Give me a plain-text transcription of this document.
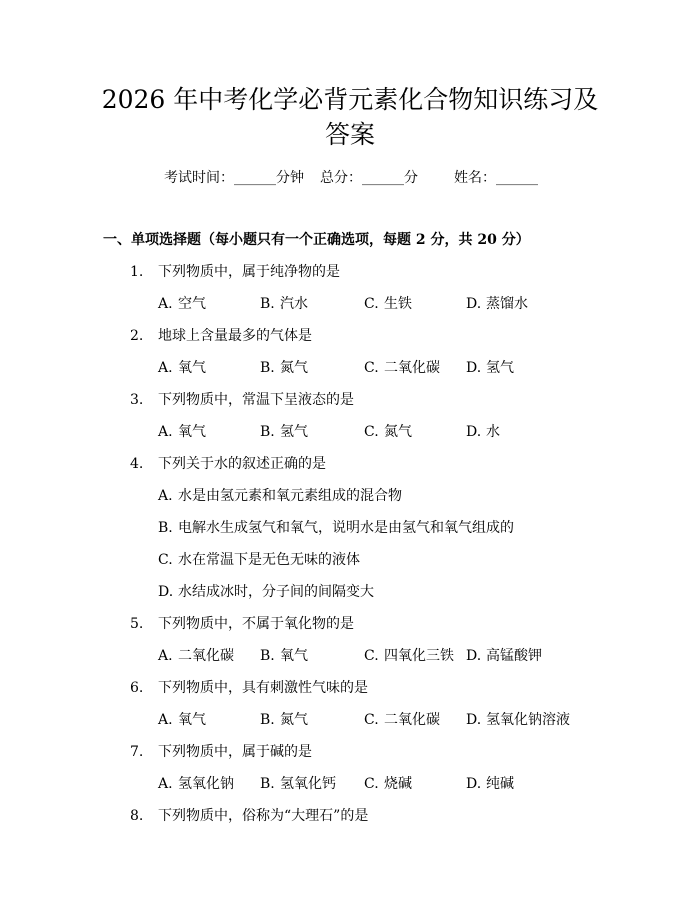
2026 年中考化学必背元素化合物知识练习及
答案
考试时间：______分钟 总分：______分	姓名：______
一、单项选择题（每小题只有一个正确选项，每题 2 分，共 20 分）
1. 下列物质中，属于纯净物的是
A. 空气	B. 汽水	C. 生铁	D. 蒸馏水
2. 地球上含量最多的气体是
A. 氧气	B. 氮气	C. 二氧化碳 D. 氢气
3. 下列物质中，常温下呈液态的是
A. 氧气	B. 氢气	C. 氮气	D. 水
4. 下列关于水的叙述正确的是
A. 水是由氢元素和氧元素组成的混合物
B. 电解水生成氢气和氧气，说明水是由氢气和氧气组成的
C. 水在常温下是无色无味的液体
D. 水结成冰时，分子间的间隔变大
5. 下列物质中，不属于氧化物的是
A. 二氧化碳 B. 氧气	C. 四氧化三铁 D. 高锰酸钾
6. 下列物质中，具有刺激性气味的是
A. 氧气	B. 氮气	C. 二氧化碳 D. 氢氧化钠溶液
7. 下列物质中，属于碱的是
A. 氢氧化钠 B. 氢氧化钙 C. 烧碱	D. 纯碱
8. 下列物质中，俗称为“大理石”的是
